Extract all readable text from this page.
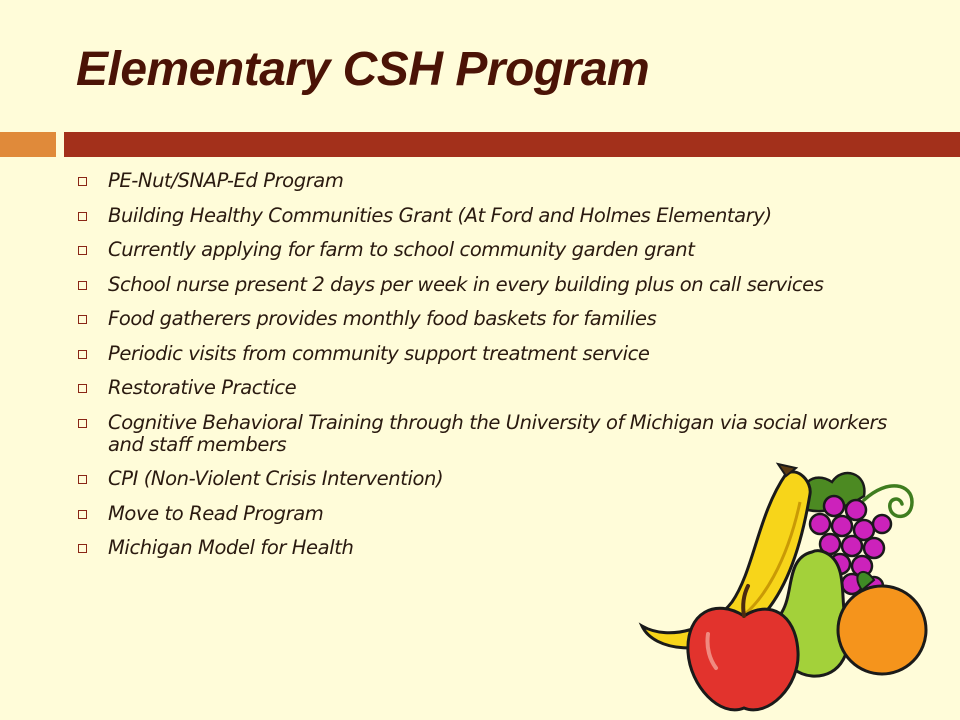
Elementary CSH Program
PE-Nut/SNAP-Ed Program
Building Healthy Communities Grant (At Ford and Holmes Elementary)
Currently applying for farm to school community garden grant
School nurse present 2 days per week in every building plus on call services
Food gatherers provides monthly food baskets for families
Periodic visits from community support treatment service
Restorative Practice
Cognitive Behavioral Training through the University of Michigan via social workers and staff members
CPI (Non-Violent Crisis Intervention)
Move to Read Program
Michigan Model for Health
